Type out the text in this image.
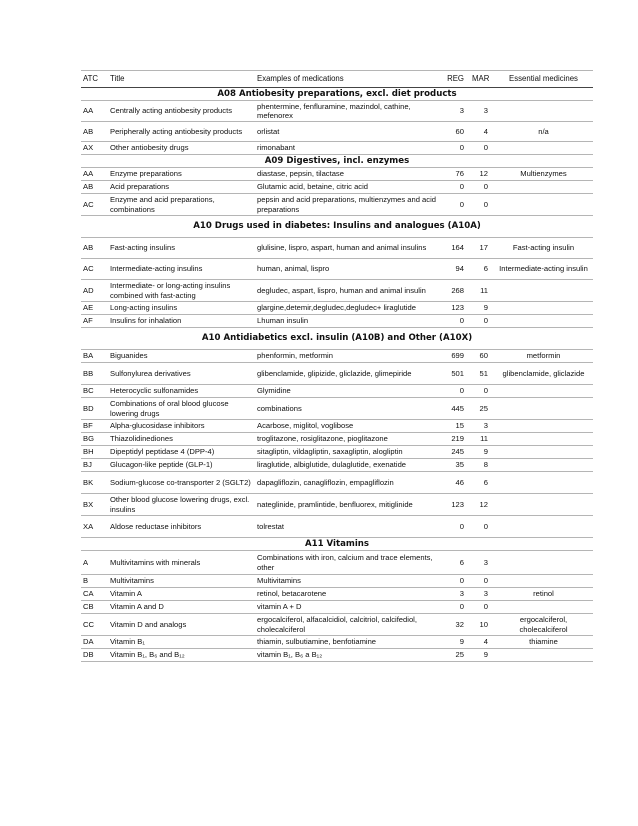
ATC	Title	Examples of medications	REG	MAR	Essential medicines
A08 Antiobesity preparations, excl. diet products					
AA	Centrally acting antiobesity products	phentermine, fenfluramine, mazindol, cathine, mefenorex	3	3	
AB	Peripherally acting antiobesity products	orlistat	60	4	n/a
AX	Other antiobesity drugs	rimonabant	0	0	
A09 Digestives, incl. enzymes					
AA	Enzyme preparations	diastase, pepsin, tilactase	76	12	Multienzymes
AB	Acid preparations	Glutamic acid, betaine, citric acid	0	0	
AC	Enzyme and acid preparations, combinations	pepsin and acid preparations, multienzymes and acid preparations	0	0	
A10 Drugs used in diabetes: Insulins and analogues (A10A)					
AB	Fast-acting insulins	glulisine, lispro, aspart, human and animal insulins	164	17	Fast-acting insulin
AC	Intermediate-acting insulins	human, animal, lispro	94	6	Intermediate-acting insulin
AD	Intermediate- or long-acting insulins combined with fast-acting	degludec, aspart, lispro, human and animal insulin	268	11	
AE	Long-acting insulins	glargine,detemir,degludec,degludec+ liraglutide	123	9	
AF	Insulins for inhalation	Lhuman insulin	0	0	
A10 Antidiabetics excl. insulin (A10B) and Other (A10X)					
BA	Biguanides	phenformin, metformin	699	60	metformin
BB	Sulfonylurea derivatives	glibenclamide, glipizide, gliclazide, glimepiride	501	51	glibenclamide, gliclazide
BC	Heterocyclic sulfonamides	Glymidine	0	0	
BD	Combinations of oral blood glucose lowering drugs	combinations	445	25	
BF	Alpha-glucosidase inhibitors	Acarbose, miglitol, voglibose	15	3	
BG	Thiazolidinediones	troglitazone, rosiglitazone, pioglitazone	219	11	
BH	Dipeptidyl peptidase 4 (DPP-4)	sitagliptin, vildagliptin, saxagliptin, alogliptin	245	9	
BJ	Glucagon-like peptide (GLP-1)	liraglutide, albiglutide, dulaglutide, exenatide	35	8	
BK	Sodium-glucose co-transporter 2 (SGLT2)	dapagliflozin, canagliflozin, empagliflozin	46	6	
BX	Other blood glucose lowering drugs, excl. insulins	nateglinide, pramlintide, benfluorex, mitiglinide	123	12	
XA	Aldose reductase inhibitors	tolrestat	0	0	
A11 Vitamins					
A	Multivitamins with minerals	Combinations with iron, calcium and trace elements, other	6	3	
B	Multivitamins	Multivitamins	0	0	
CA	Vitamin A	retinol, betacarotene	3	3	retinol
CB	Vitamin A and D	vitamin A + D	0	0	
CC	Vitamin D and analogs	ergocalciferol, alfacalcidiol, calcitriol, calcifediol, cholecalciferol	32	10	ergocalciferol, cholecalciferol
DA	Vitamin B₁	thiamin, sulbutiamine, benfotiamine	9	4	thiamine
DB	Vitamin B₁, B₆ and B₁₂	vitamin B₁, B₆ a B₁₂	25	9	
